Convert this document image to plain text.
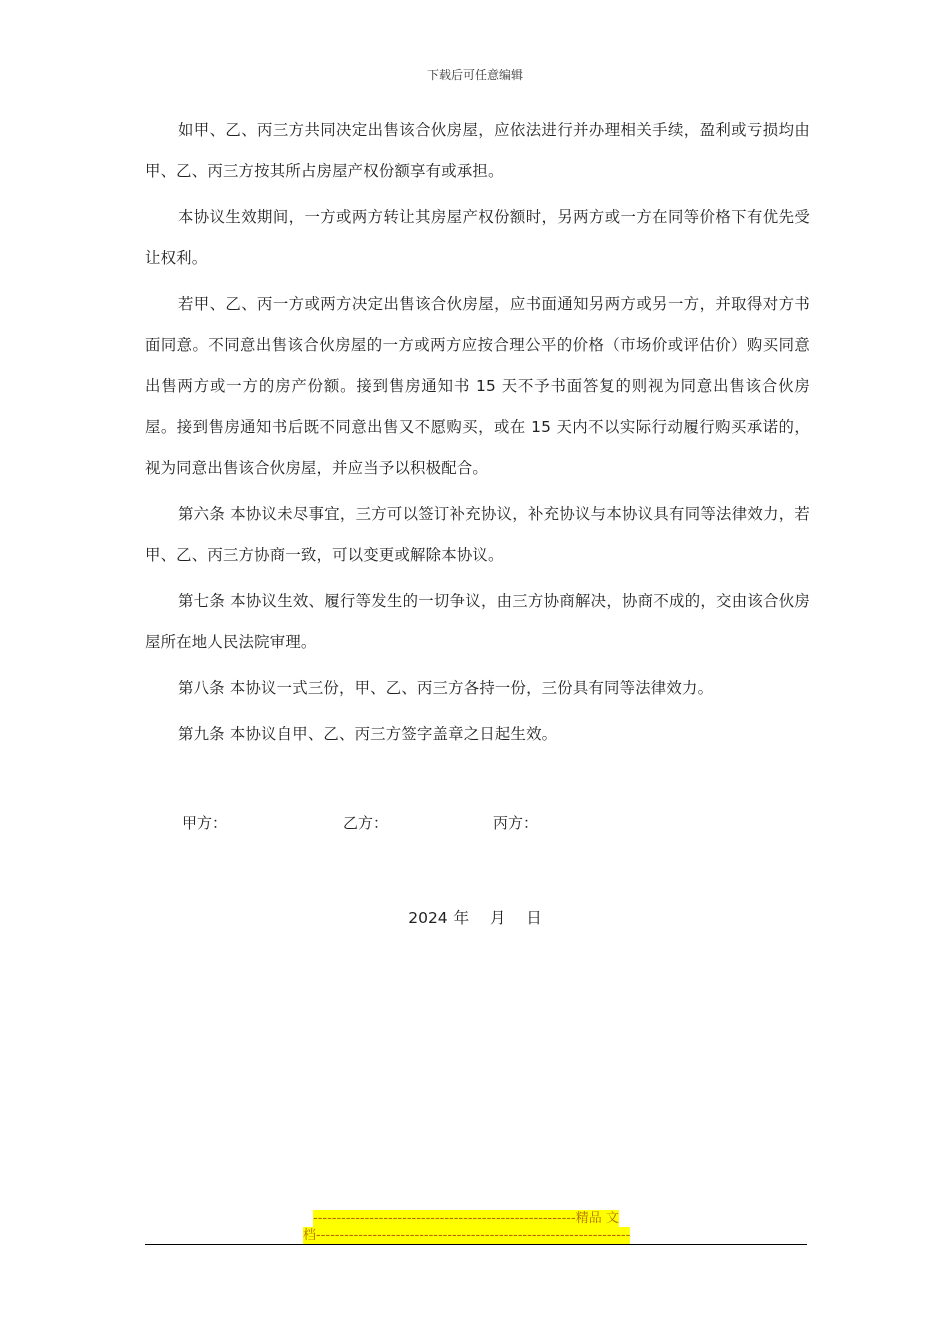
下载后可任意编辑

如甲、乙、丙三方共同决定出售该合伙房屋，应依法进行并办理相关手续，盈利或亏损均由甲、乙、丙三方按其所占房屋产权份额享有或承担。

本协议生效期间，一方或两方转让其房屋产权份额时，另两方或一方在同等价格下有优先受让权利。

若甲、乙、丙一方或两方决定出售该合伙房屋，应书面通知另两方或另一方，并取得对方书面同意。不同意出售该合伙房屋的一方或两方应按合理公平的价格（市场价或评估价）购买同意出售两方或一方的房产份额。接到售房通知书 15 天不予书面答复的则视为同意出售该合伙房屋。接到售房通知书后既不同意出售又不愿购买，或在 15 天内不以实际行动履行购买承诺的，视为同意出售该合伙房屋，并应当予以积极配合。

第六条 本协议未尽事宜，三方可以签订补充协议，补充协议与本协议具有同等法律效力，若甲、乙、丙三方协商一致，可以变更或解除本协议。

第七条 本协议生效、履行等发生的一切争议，由三方协商解决，协商不成的，交由该合伙房屋所在地人民法院审理。

第八条 本协议一式三份，甲、乙、丙三方各持一份，三份具有同等法律效力。

第九条 本协议自甲、乙、丙三方签字盖章之日起生效。

甲方：	乙方：	丙方：
2024 年 月 日
--------------------------------------------------------精品 文
档-------------------------------------------------------------------
